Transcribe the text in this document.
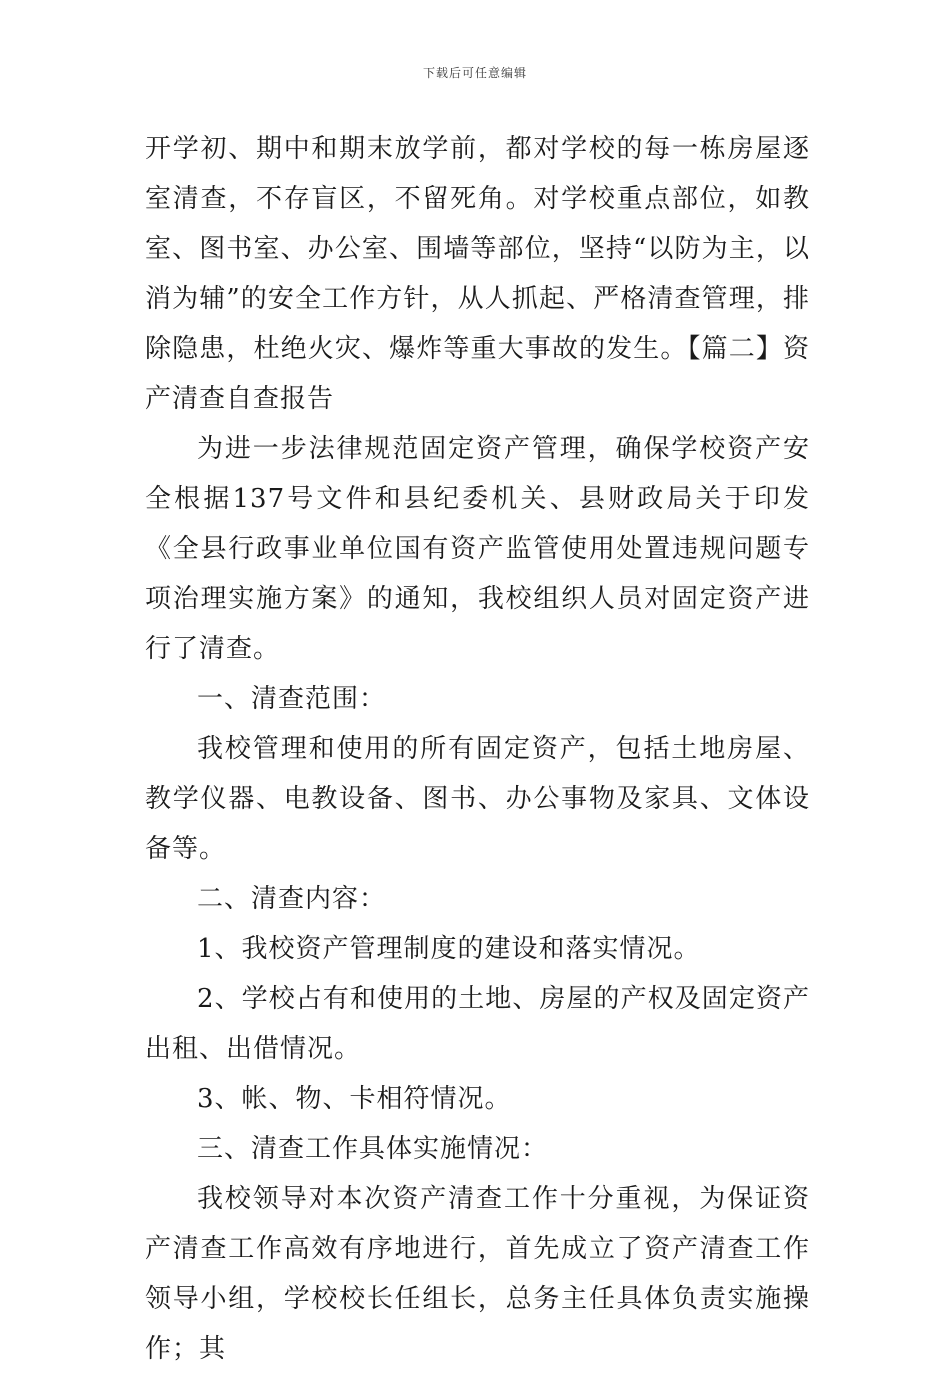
下载后可任意编辑

开学初、期中和期末放学前，都对学校的每一栋房屋逐室清查，不存盲区，不留死角。对学校重点部位，如教室、图书室、办公室、围墙等部位，坚持“以防为主，以消为辅”的安全工作方针，从人抓起、严格清查管理，排除隐患，杜绝火灾、爆炸等重大事故的发生。【篇二】资产清查自查报告

为进一步法律规范固定资产管理，确保学校资产安全根据137号文件和县纪委机关、县财政局关于印发《全县行政事业单位国有资产监管使用处置违规问题专项治理实施方案》的通知，我校组织人员对固定资产进行了清查。

一、清查范围：

我校管理和使用的所有固定资产，包括土地房屋、教学仪器、电教设备、图书、办公事物及家具、文体设备等。

二、清查内容：

1、我校资产管理制度的建设和落实情况。

2、学校占有和使用的土地、房屋的产权及固定资产出租、出借情况。

3、帐、物、卡相符情况。

三、清查工作具体实施情况：

我校领导对本次资产清查工作十分重视，为保证资产清查工作高效有序地进行，首先成立了资产清查工作领导小组，学校校长任组长，总务主任具体负责实施操作；其
